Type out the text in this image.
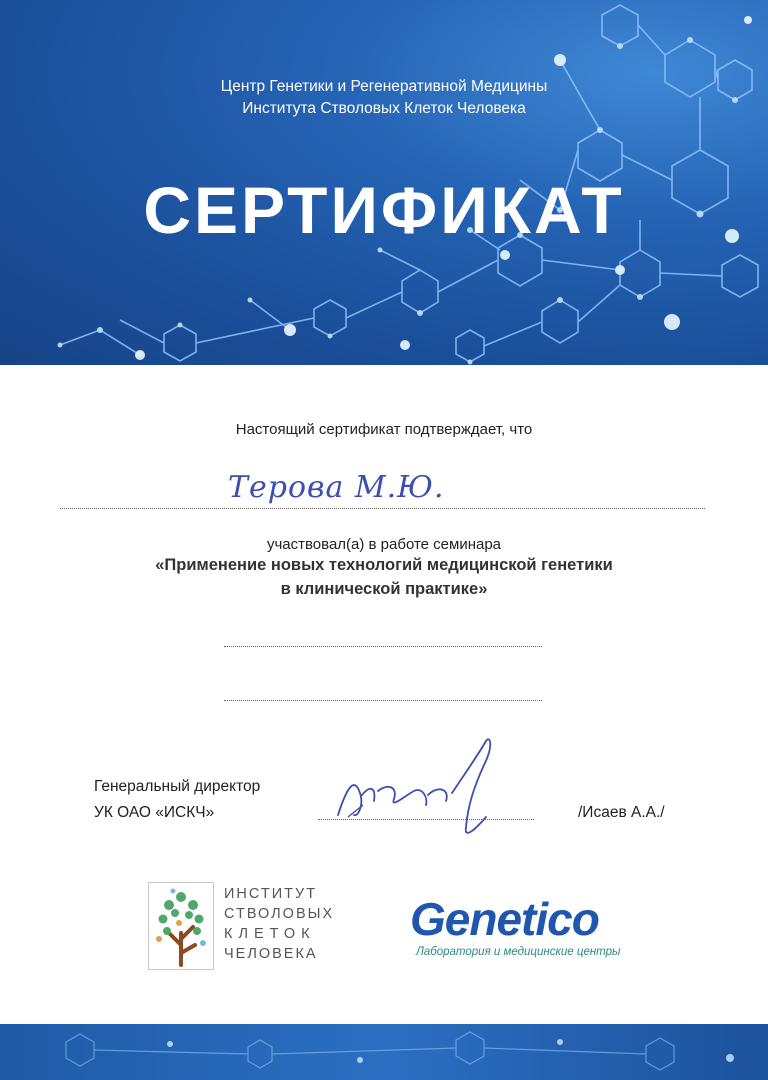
Центр Генетики и Регенеративной Медицины
Института Стволовых Клеток Человека
СЕРТИФИКАТ
Настоящий сертификат подтверждает, что
Терова М.Ю.
участвовал(а) в работе семинара
«Применение новых технологий медицинской генетики
в клинической практике»
Генеральный директор
УК ОАО «ИСКЧ»	/Исаев А.А./
ИНСТИТУТ
СТВОЛОВЫХ
КЛЕТОК
ЧЕЛОВЕКА
Genetico
Лаборатория и медицинские центры
